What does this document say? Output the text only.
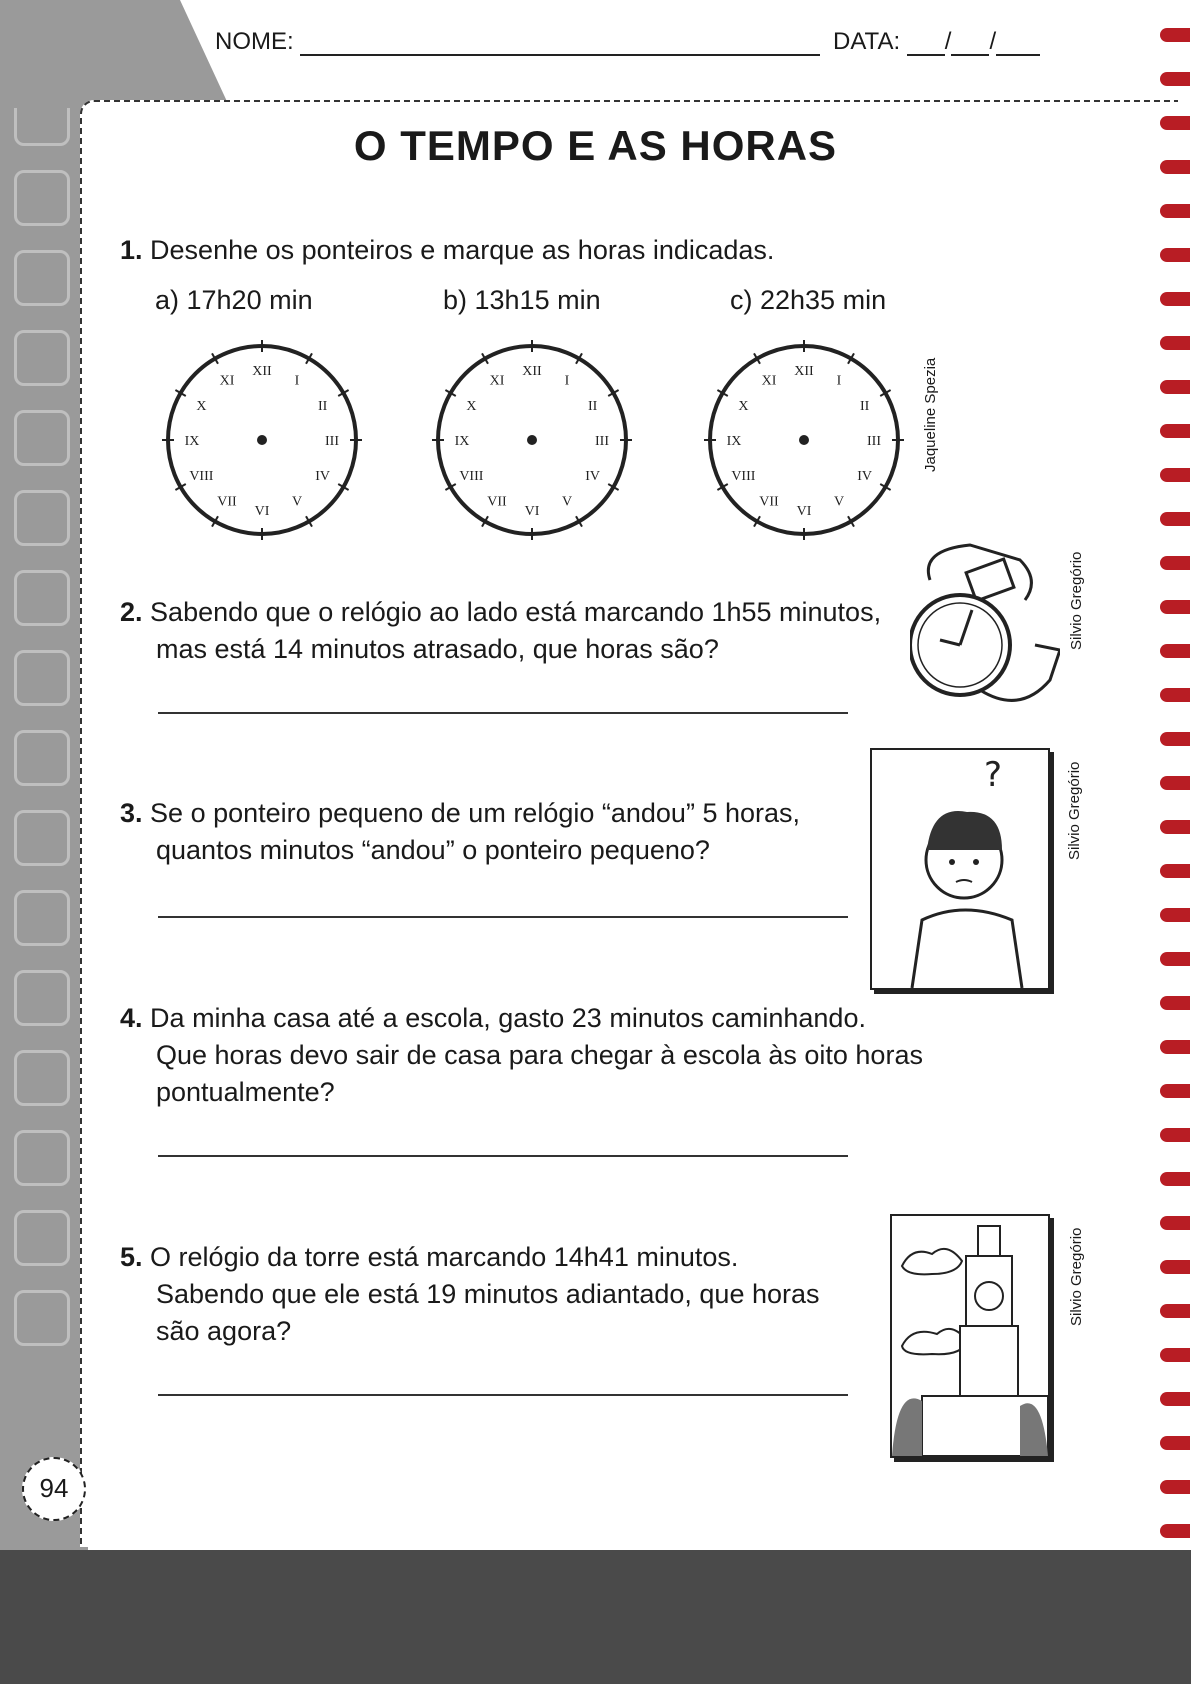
NOME:	DATA: / /
O TEMPO E AS HORAS
1. Desenhe os ponteiros e marque as horas indicadas.
a) 17h20 min	b) 13h15 min	c) 22h35 min
XII
I
II
III
IV
V
VI
VII
VIII
IX
X
XI
XII
I
II
III
IV
V
VI
VII
VIII
IX
X
XI
XII
I
II
III
IV
V
VI
VII
VIII
IX
X
XI	Jaqueline Spezia
2. Sabendo que o relógio ao lado está marcando 1h55 minutos,
mas está 14 minutos atrasado, que horas são?	Silvio Gregório
3. Se o ponteiro pequeno de um relógio “andou” 5 horas,
quantos minutos “andou” o ponteiro pequeno?
?	Silvio Gregório
4. Da minha casa até a escola, gasto 23 minutos caminhando.
Que horas devo sair de casa para chegar à escola às oito horas
pontualmente?
5. O relógio da torre está marcando 14h41 minutos.
Sabendo que ele está 19 minutos adiantado, que horas
são agora?
Silvio Gregório
94
